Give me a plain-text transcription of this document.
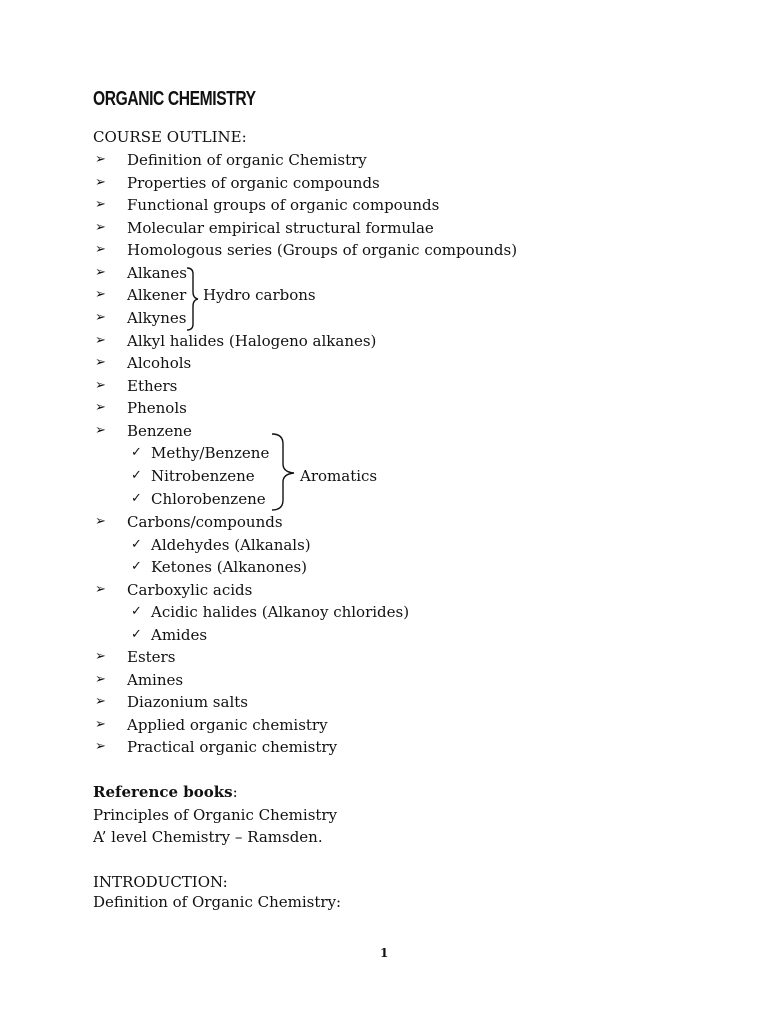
ORGANIC CHEMISTRY
COURSE OUTLINE:
➢ Definition of organic Chemistry
➢ Properties of organic compounds
➢ Functional groups of organic compounds
➢ Molecular empirical structural formulae
➢ Homologous series (Groups of organic compounds)
➢ Alkanes
➢ Alkener
➢ Alkynes
Hydro carbons
➢ Alkyl halides (Halogeno alkanes)
➢ Alcohols
➢ Ethers
➢ Phenols
➢ Benzene
✓ Methy/Benzene
✓ Nitrobenzene
✓ Chlorobenzene
Aromatics
➢ Carbons/compounds
✓ Aldehydes (Alkanals)
✓ Ketones (Alkanones)
➢ Carboxylic acids
✓ Acidic halides (Alkanoy chlorides)
✓ Amides
➢ Esters
➢ Amines
➢ Diazonium salts
➢ Applied organic chemistry
➢ Practical organic chemistry
Reference books:
Principles of Organic Chemistry
A’ level Chemistry – Ramsden.
INTRODUCTION:
Definition of Organic Chemistry:
1
